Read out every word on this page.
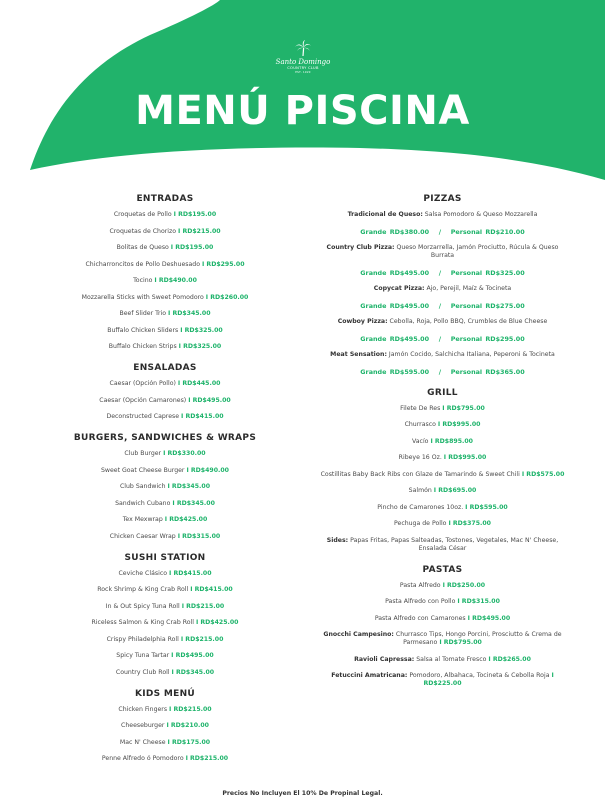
Santo Domingo
COUNTRY CLUB
EST. 1920
MENÚ PISCINA
ENTRADAS
Croquetas de Pollo I RD$195.00
Croquetas de Chorizo I RD$215.00
Bolitas de Queso I RD$195.00
Chicharroncitos de Pollo Deshuesado I RD$295.00
Tocino I RD$490.00
Mozzarella Sticks with Sweet Pomodoro I RD$260.00
Beef Slider Trio I RD$345.00
Buffalo Chicken Sliders I RD$325.00
Buffalo Chicken Strips I RD$325.00
ENSALADAS
Caesar (Opción Pollo) I RD$445.00
Caesar (Opción Camarones) I RD$495.00
Deconstructed Caprese I RD$415.00
BURGERS, SANDWICHES & WRAPS
Club Burger I RD$330.00
Sweet Goat Cheese Burger I RD$490.00
Club Sandwich I RD$345.00
Sandwich Cubano I RD$345.00
Tex Mexwrap I RD$425.00
Chicken Caesar Wrap I RD$315.00
SUSHI STATION
Ceviche Clásico I RD$415.00
Rock Shrimp & King Crab Roll I RD$415.00
In & Out Spicy Tuna Roll I RD$215.00
Riceless Salmon & King Crab Roll I RD$425.00
Crispy Philadelphia Roll I RD$215.00
Spicy Tuna Tartar I RD$495.00
Country Club Roll I RD$345.00
KIDS MENÚ
Chicken Fingers I RD$215.00
Cheeseburger I RD$210.00
Mac N' Cheese I RD$175.00
Penne Alfredo ó Pomodoro I RD$215.00
PIZZAS
Tradicional de Queso: Salsa Pomodoro & Queso Mozzarella
Grande RD$380.00   /   Personal RD$210.00
Country Club Pizza: Queso Morzarrella, Jamón Prociutto, Rúcula & Queso Burrata
Grande RD$495.00   /   Personal RD$325.00
Copycat Pizza: Ajo, Perejil, Maíz & Tocineta
Grande RD$495.00   /   Personal RD$275.00
Cowboy Pizza: Cebolla, Roja, Pollo BBQ, Crumbles de Blue Cheese
Grande RD$495.00   /   Personal RD$295.00
Meat Sensation: Jamón Cocido, Salchicha Italiana, Peperoni & Tocineta
Grande RD$595.00   /   Personal RD$365.00
GRILL
Filete De Res I RD$795.00
Churrasco I RD$995.00
Vacío I RD$895.00
Ribeye 16 Oz. I RD$995.00
Costillitas Baby Back Ribs con Glaze de Tamarindo & Sweet Chili I RD$575.00
Salmón I RD$695.00
Pincho de Camarones 10oz. I RD$595.00
Pechuga de Pollo I RD$375.00
Sides: Papas Fritas, Papas Salteadas, Tostones, Vegetales, Mac N' Cheese, Ensalada César
PASTAS
Pasta Alfredo I RD$250.00
Pasta Alfredo con Pollo I RD$315.00
Pasta Alfredo con Camarones I RD$495.00
Gnocchi Campesino: Churrasco Tips, Hongo Porcini, Prosciutto & Crema de Parmesano I RD$795.00
Ravioli Capressa: Salsa al Tomate Fresco I RD$265.00
Fetuccini Amatricana: Pomodoro, Albahaca, Tocineta & Cebolla Roja I RD$225.00
Precios No Incluyen El 10% De Propinal Legal.
